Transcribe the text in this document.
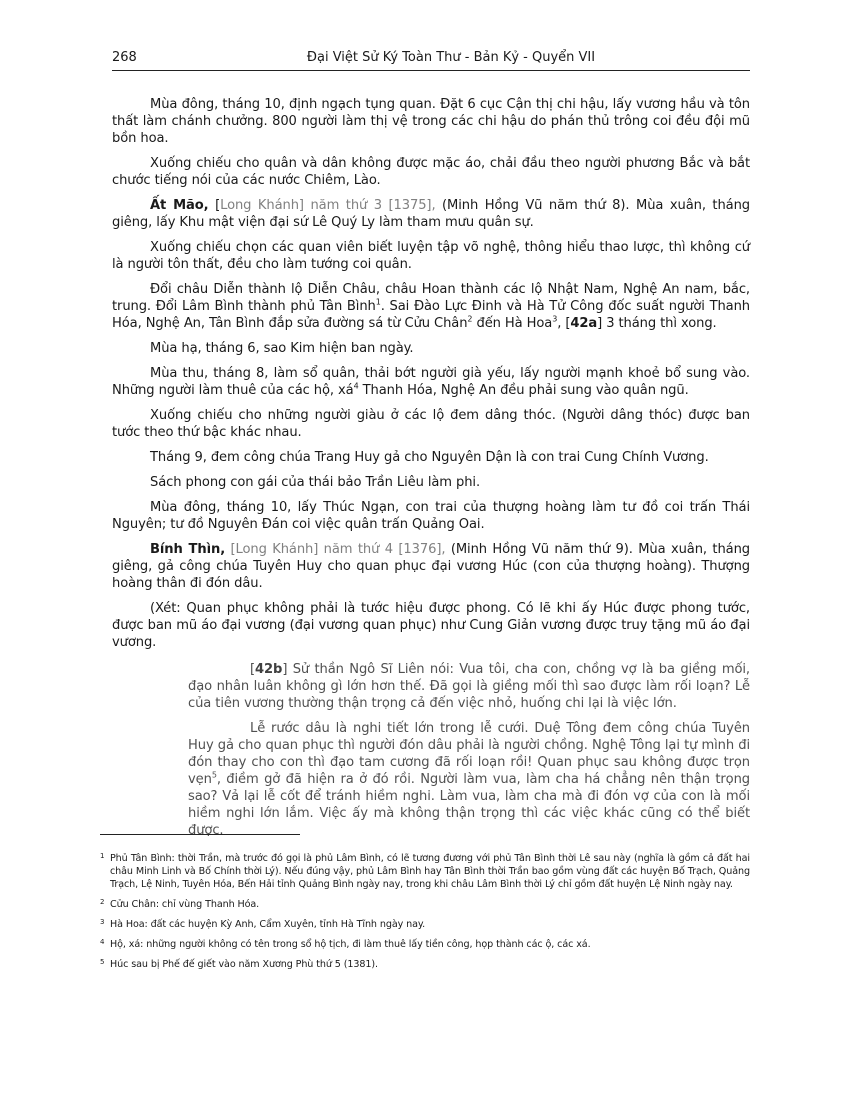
268	Đại Việt Sử Ký Toàn Thư - Bản Kỷ - Quyển VII

Mùa đông, tháng 10, định ngạch tụng quan. Đặt 6 cục Cận thị chi hậu, lấy vương hầu và tôn thất làm chánh chưởng. 800 người làm thị vệ trong các chi hậu do phán thủ trông coi đều đội mũ bồn hoa.

Xuống chiếu cho quân và dân không được mặc áo, chải đầu theo người phương Bắc và bắt chước tiếng nói của các nước Chiêm, Lào.

Ất Mão, [Long Khánh] năm thứ 3 [1375], (Minh Hồng Vũ năm thứ 8). Mùa xuân, tháng giêng, lấy Khu mật viện đại sứ Lê Quý Ly làm tham mưu quân sự.

Xuống chiếu chọn các quan viên biết luyện tập võ nghệ, thông hiểu thao lược, thì không cứ là người tôn thất, đều cho làm tướng coi quân.

Đổi châu Diễn thành lộ Diễn Châu, châu Hoan thành các lộ Nhật Nam, Nghệ An nam, bắc, trung. Đổi Lâm Bình thành phủ Tân Bình$^1$. Sai Đào Lực Đinh và Hà Tử Công đốc suất người Thanh Hóa, Nghệ An, Tân Bình đắp sửa đường sá từ Cửu Chân$^2$ đến Hà Hoa$^3$, [42a] 3 tháng thì xong.

Mùa hạ, tháng 6, sao Kim hiện ban ngày.

Mùa thu, tháng 8, làm sổ quân, thải bớt người già yếu, lấy người mạnh khoẻ bổ sung vào. Những người làm thuê của các hộ, $xá^4$ Thanh Hóa, Nghệ An đều phải sung vào quân ngũ.

Xuống chiếu cho những người giàu ở các lộ đem dâng thóc. (Người dâng thóc) được ban tước theo thứ bậc khác nhau.

Tháng 9, đem công chúa Trang Huy gả cho Nguyên Dận là con trai Cung Chính Vương.

Sách phong con gái của thái bảo Trần Liêu làm phi.

Mùa đông, tháng 10, lấy Thúc Ngạn, con trai của thượng hoàng làm tư đồ coi trấn Thái Nguyên; tư đồ Nguyên Đán coi việc quân trấn Quảng Oai.

Bính Thìn, [Long Khánh] năm thứ 4 [1376], (Minh Hồng Vũ năm thứ 9). Mùa xuân, tháng giêng, gả công chúa Tuyên Huy cho quan phục đại vương Húc (con của thượng hoàng). Thượng hoàng thân đi đón dâu.

(Xét: Quan phục không phải là tước hiệu được phong. Có lẽ khi ấy Húc được phong tước, được ban mũ áo đại vương (đại vương quan phục) như Cung Giản vương được truy tặng mũ áo đại vương.

[42b] Sử thần Ngô Sĩ Liên nói: Vua tôi, cha con, chồng vợ là ba giềng mối, đạo nhân luân không gì lớn hơn thế. Đã gọi là giềng mối thì sao được làm rối loạn? Lễ của tiên vương thường thận trọng cả đến việc nhỏ, huống chi lại là việc lớn.

Lễ rước dâu là nghi tiết lớn trong lễ cưới. Duệ Tông đem công chúa Tuyên Huy gả cho quan phục thì người đón dâu phải là người chồng. Nghệ Tông lại tự mình đi đón thay cho con thì đạo tam cương đã rối loạn rồi! Quan phục sau không được trọn vẹn$^5$, điềm gở đã hiện ra ở đó rồi. Người làm vua, làm cha há chẳng nên thận trọng sao? Vả lại lễ cốt để tránh hiềm nghi. Làm vua, làm cha mà đi đón vợ của con là mối hiềm nghi lớn lắm. Việc ấy mà không thận trọng thì các việc khác cũng có thể biết được.

1 Phủ Tân Bình: thời Trần, mà trước đó gọi là phủ Lâm Bình, có lẽ tương đương với phủ Tân Bình thời Lê sau này (nghĩa là gồm cả đất hai châu Minh Linh và Bố Chính thời Lý). Nếu đúng vậy, phủ Lâm Bình hay Tân Bình thời Trần bao gồm vùng đất các huyện Bố Trạch, Quảng Trạch, Lệ Ninh, Tuyên Hóa, Bến Hải tỉnh Quảng Bình ngày nay, trong khi châu Lâm Bình thời Lý chỉ gồm đất huyện Lệ Ninh ngày nay.

2 Cửu Chân: chỉ vùng Thanh Hóa.

3 Hà Hoa: đất các huyện Kỳ Anh, Cẩm Xuyên, tỉnh Hà Tĩnh ngày nay.

4 Hộ, xá: những người không có tên trong sổ hộ tịch, đi làm thuê lấy tiền công, họp thành các ộ, các xá.

5 Húc sau bị Phế đế giết vào năm Xương Phù thứ 5 (1381).
